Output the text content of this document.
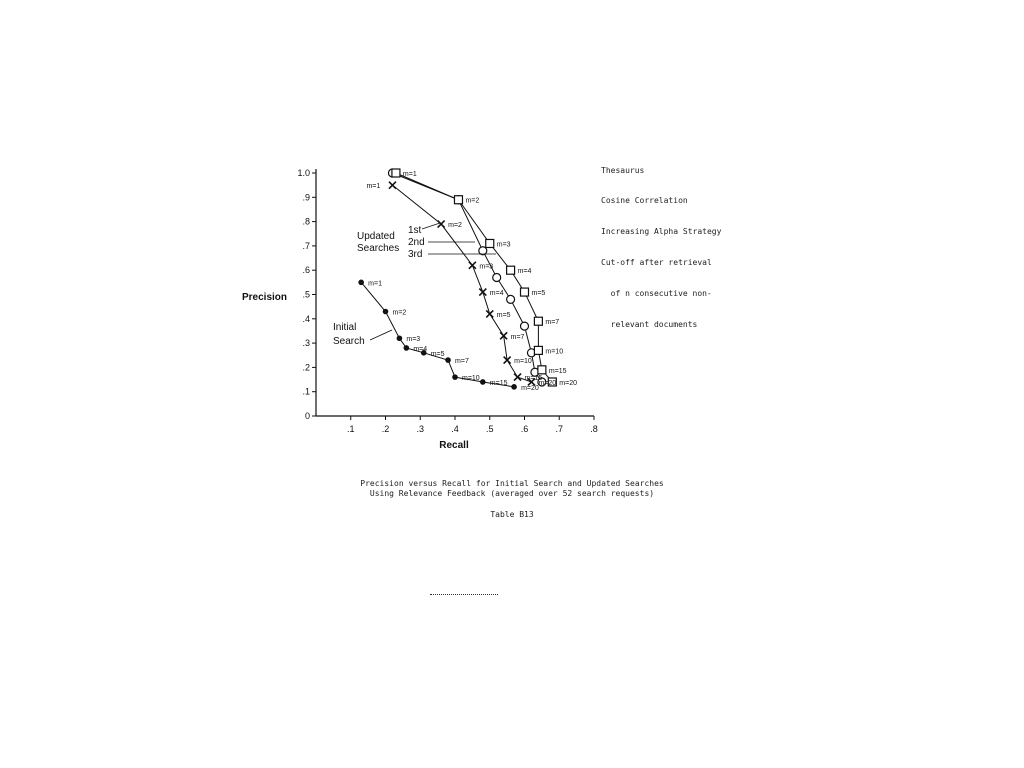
0
.1
.2
.3
.4
.5
.6
.7
.8
.9
1.0
.1	.2	.3	.4	.5	.6	.7	.8
Recall
Precision
m=1
m=2
m=3
m=4
m=5
m=7
m=10
m=15
m=20
m=1
m=2
m=3
m=4
m=5
m=7
m=10
m=15
m=20
m=1
m=2
m=3
m=4
m=5
m=7
m=10
m=15
m=20
Initial
Search
Updated
Searches
1st
2nd
3rd

Thesaurus

Cosine Correlation

Increasing Alpha Strategy

Cut-off after retrieval

of n consecutive non-

relevant documents

Precision versus Recall for Initial Search and Updated Searches
Using Relevance Feedback (averaged over 52 search requests)
Table B13
